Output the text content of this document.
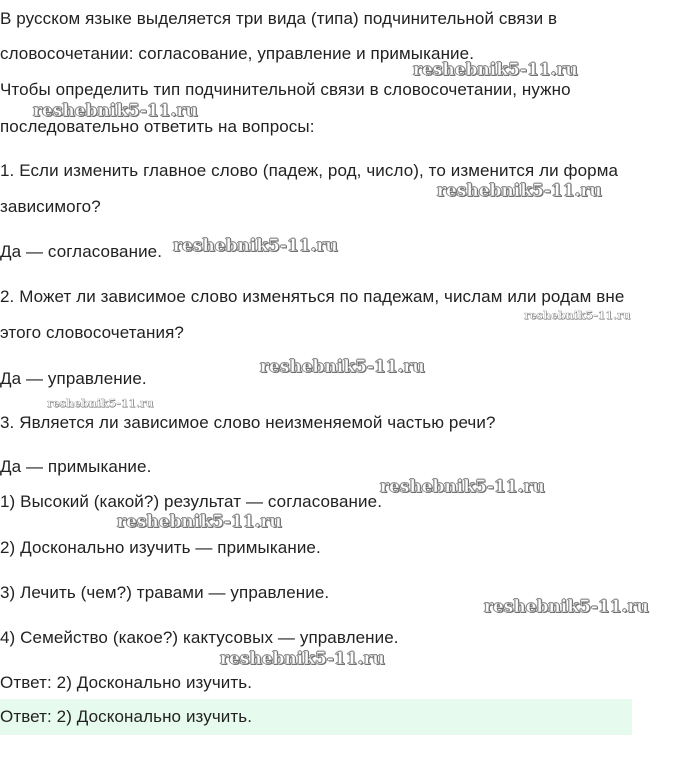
В русском языке выделяется три вида (типа) подчинительной связи в
словосочетании: согласование, управление и примыкание.
Чтобы определить тип подчинительной связи в словосочетании, нужно
последовательно ответить на вопросы:
1. Если изменить главное слово (падеж, род, число), то изменится ли форма
зависимого?
Да — согласование.
2. Может ли зависимое слово изменяться по падежам, числам или родам вне
этого словосочетания?
Да — управление.
3. Является ли зависимое слово неизменяемой частью речи?
Да — примыкание.
1) Высокий (какой?) результат — согласование.
2) Досконально изучить — примыкание.
3) Лечить (чем?) травами — управление.
4) Семейство (какое?) кактусовых — управление.
Ответ: 2) Досконально изучить.
Ответ: 2) Досконально изучить.
reshebnik5-11.ru
reshebnik5-11.ru
reshebnik5-11.ru
reshebnik5-11.ru
reshebnik5-11.ru
reshebnik5-11.ru
reshebnik5-11.ru
reshebnik5-11.ru
reshebnik5-11.ru
reshebnik5-11.ru
reshebnik5-11.ru
